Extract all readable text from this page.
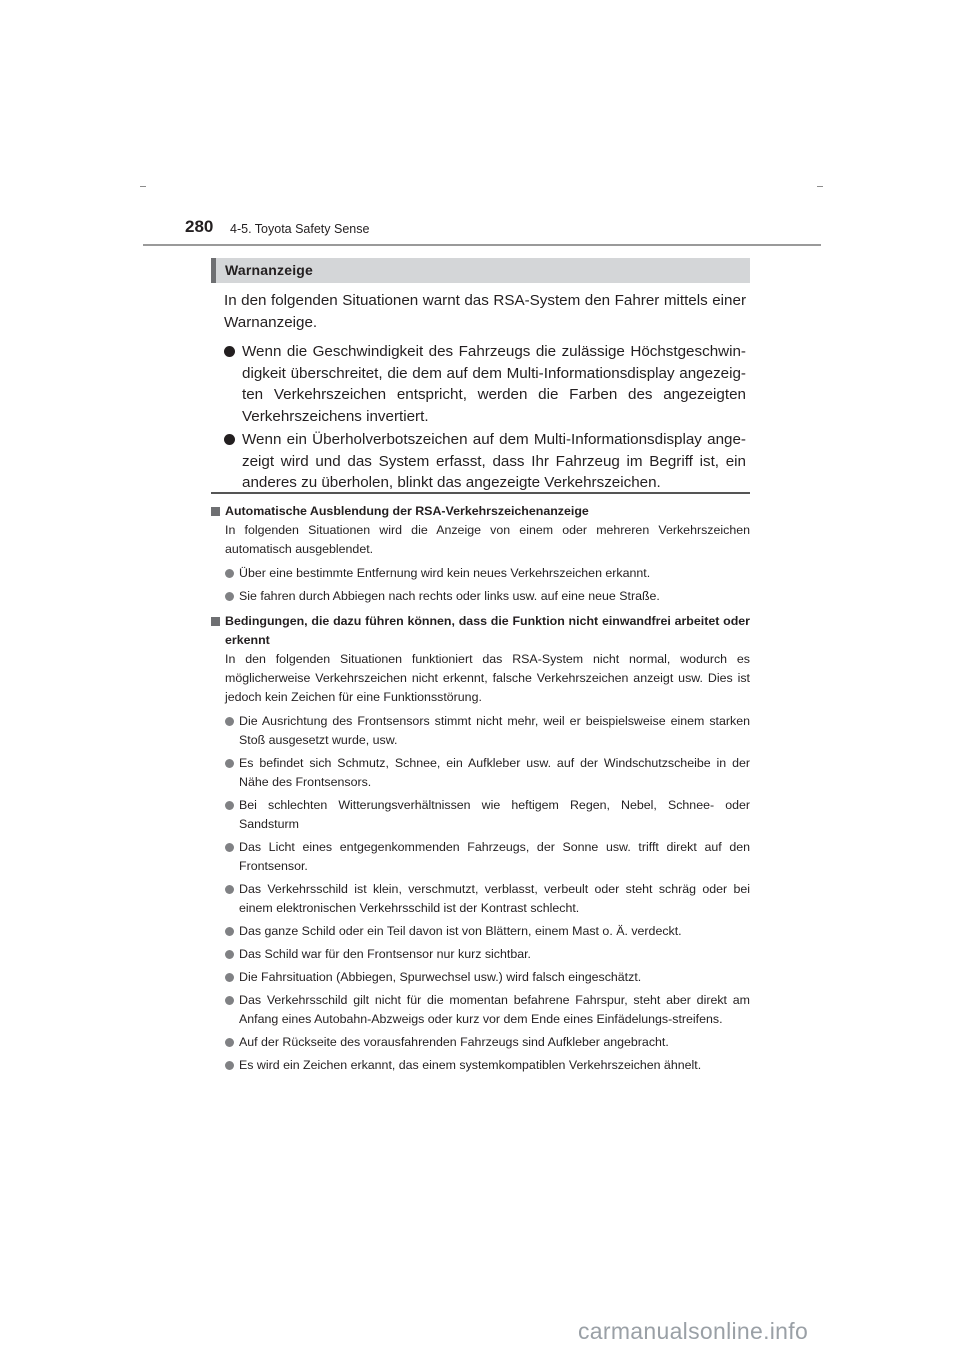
280 4-5. Toyota Safety Sense
Warnanzeige

In den folgenden Situationen warnt das RSA-System den Fahrer mittels einer Warnanzeige.

Wenn die Geschwindigkeit des Fahrzeugs die zulässige Höchstgeschwin-digkeit überschreitet, die dem auf dem Multi-Informationsdisplay angezeig-ten Verkehrszeichen entspricht, werden die Farben des angezeigten Verkehrszeichens invertiert.
Wenn ein Überholverbotszeichen auf dem Multi-Informationsdisplay ange-zeigt wird und das System erfasst, dass Ihr Fahrzeug im Begriff ist, ein anderes zu überholen, blinkt das angezeigte Verkehrszeichen.
Automatische Ausblendung der RSA-Verkehrszeichenanzeige
In folgenden Situationen wird die Anzeige von einem oder mehreren Verkehrszeichen automatisch ausgeblendet.
Über eine bestimmte Entfernung wird kein neues Verkehrszeichen erkannt.
Sie fahren durch Abbiegen nach rechts oder links usw. auf eine neue Straße.
Bedingungen, die dazu führen können, dass die Funktion nicht einwandfrei arbeitet oder erkennt
In den folgenden Situationen funktioniert das RSA-System nicht normal, wodurch es möglicherweise Verkehrszeichen nicht erkennt, falsche Verkehrszeichen anzeigt usw. Dies ist jedoch kein Zeichen für eine Funktionsstörung.
Die Ausrichtung des Frontsensors stimmt nicht mehr, weil er beispielsweise einem starken Stoß ausgesetzt wurde, usw.
Es befindet sich Schmutz, Schnee, ein Aufkleber usw. auf der Windschutzscheibe in der Nähe des Frontsensors.
Bei schlechten Witterungsverhältnissen wie heftigem Regen, Nebel, Schnee- oder Sandsturm
Das Licht eines entgegenkommenden Fahrzeugs, der Sonne usw. trifft direkt auf den Frontsensor.
Das Verkehrsschild ist klein, verschmutzt, verblasst, verbeult oder steht schräg oder bei einem elektronischen Verkehrsschild ist der Kontrast schlecht.
Das ganze Schild oder ein Teil davon ist von Blättern, einem Mast o. Ä. verdeckt.
Das Schild war für den Frontsensor nur kurz sichtbar.
Die Fahrsituation (Abbiegen, Spurwechsel usw.) wird falsch eingeschätzt.
Das Verkehrsschild gilt nicht für die momentan befahrene Fahrspur, steht aber direkt am Anfang eines Autobahn-Abzweigs oder kurz vor dem Ende eines Einfädelungs-streifens.
Auf der Rückseite des vorausfahrenden Fahrzeugs sind Aufkleber angebracht.
Es wird ein Zeichen erkannt, das einem systemkompatiblen Verkehrszeichen ähnelt.
carmanualsonline.info
